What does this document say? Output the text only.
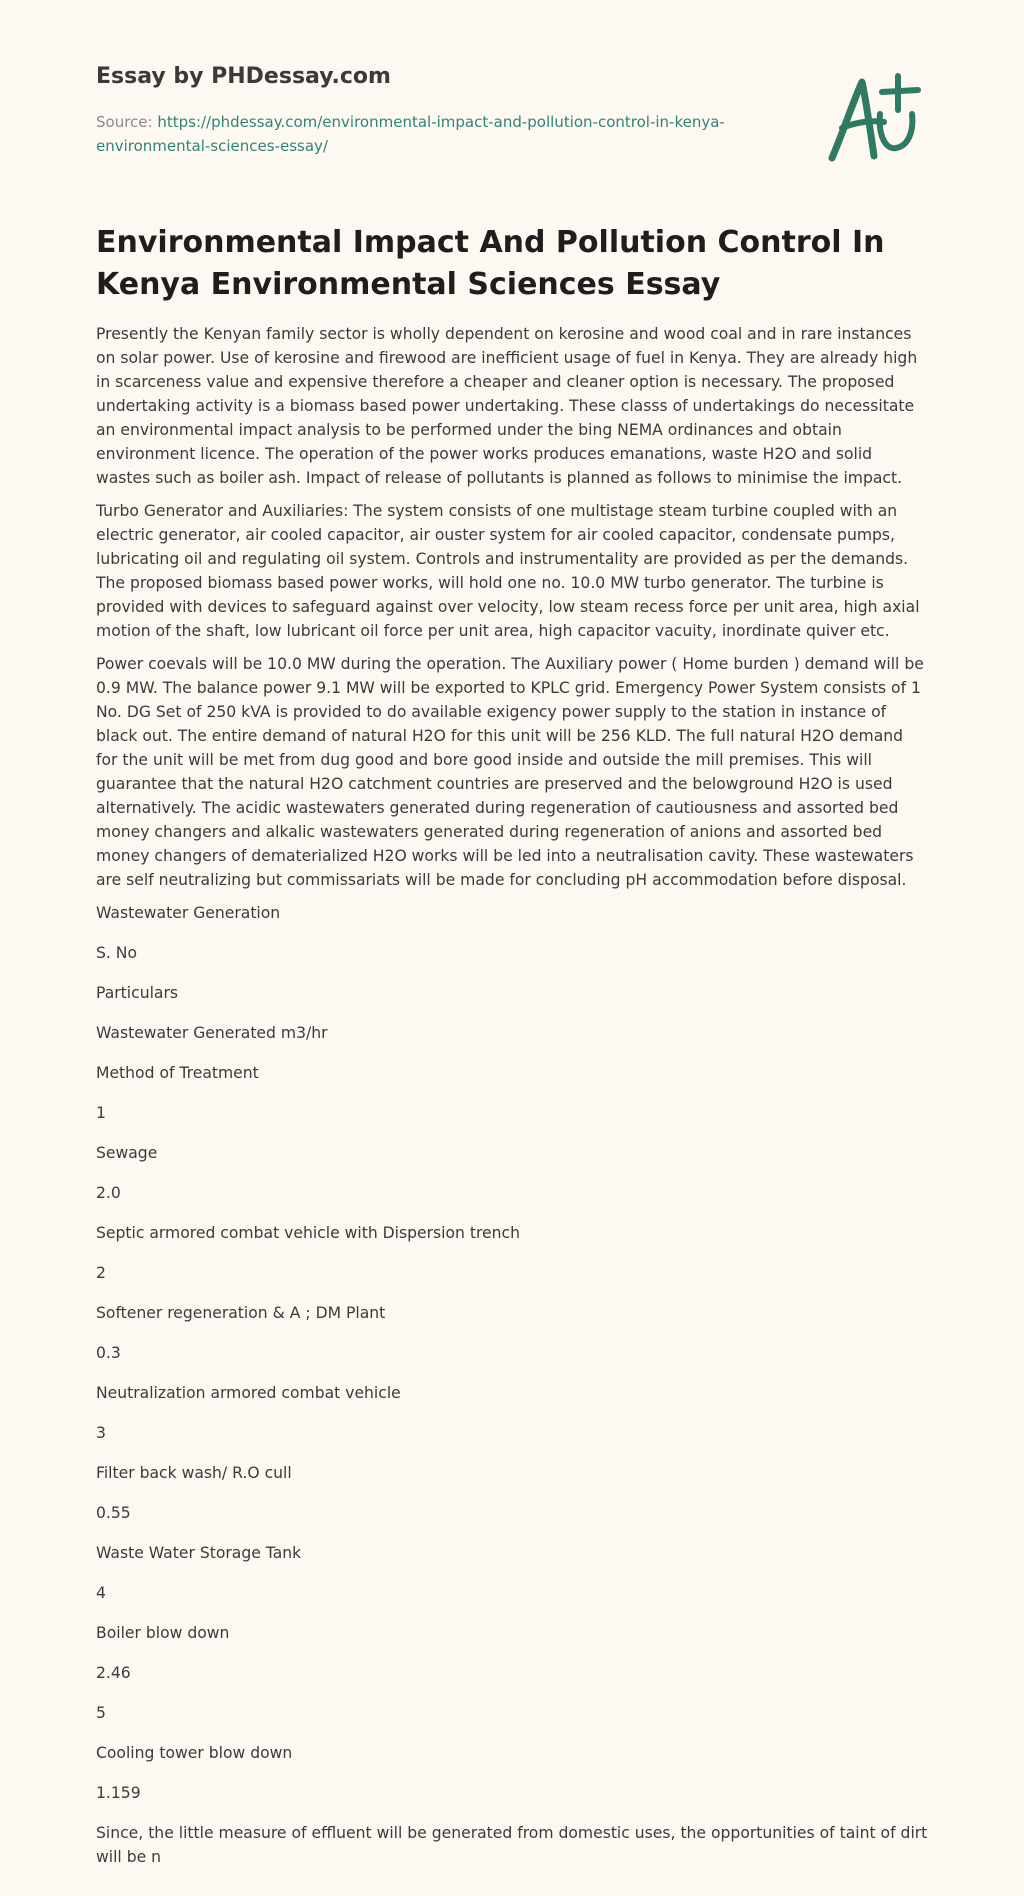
Essay by PHDessay.com
Source: https://phdessay.com/environmental-impact-and-pollution-control-in-kenya-environmental-sciences-essay/
Environmental Impact And Pollution Control In Kenya Environmental Sciences Essay

Presently the Kenyan family sector is wholly dependent on kerosine and wood coal and in rare instances on solar power. Use of kerosine and firewood are inefficient usage of fuel in Kenya. They are already high in scarceness value and expensive therefore a cheaper and cleaner option is necessary. The proposed undertaking activity is a biomass based power undertaking. These classs of undertakings do necessitate an environmental impact analysis to be performed under the bing NEMA ordinances and obtain environment licence. The operation of the power works produces emanations, waste H2O and solid wastes such as boiler ash. Impact of release of pollutants is planned as follows to minimise the impact.

Turbo Generator and Auxiliaries: The system consists of one multistage steam turbine coupled with an electric generator, air cooled capacitor, air ouster system for air cooled capacitor, condensate pumps, lubricating oil and regulating oil system. Controls and instrumentality are provided as per the demands. The proposed biomass based power works, will hold one no. 10.0 MW turbo generator. The turbine is provided with devices to safeguard against over velocity, low steam recess force per unit area, high axial motion of the shaft, low lubricant oil force per unit area, high capacitor vacuity, inordinate quiver etc.

Power coevals will be 10.0 MW during the operation. The Auxiliary power ( Home burden ) demand will be 0.9 MW. The balance power 9.1 MW will be exported to KPLC grid. Emergency Power System consists of 1 No. DG Set of 250 kVA is provided to do available exigency power supply to the station in instance of black out. The entire demand of natural H2O for this unit will be 256 KLD. The full natural H2O demand for the unit will be met from dug good and bore good inside and outside the mill premises. This will guarantee that the natural H2O catchment countries are preserved and the belowground H2O is used alternatively. The acidic wastewaters generated during regeneration of cautiousness and assorted bed money changers and alkalic wastewaters generated during regeneration of anions and assorted bed money changers of dematerialized H2O works will be led into a neutralisation cavity. These wastewaters are self neutralizing but commissariats will be made for concluding pH accommodation before disposal.

Wastewater Generation

S. No

Particulars

Wastewater Generated m3/hr

Method of Treatment

1

Sewage

2.0

Septic armored combat vehicle with Dispersion trench

2

Softener regeneration & A ; DM Plant

0.3

Neutralization armored combat vehicle

3

Filter back wash/ R.O cull

0.55

Waste Water Storage Tank

4

Boiler blow down

2.46

5

Cooling tower blow down

1.159

Since, the little measure of effluent will be generated from domestic uses, the opportunities of taint of dirt will be n
